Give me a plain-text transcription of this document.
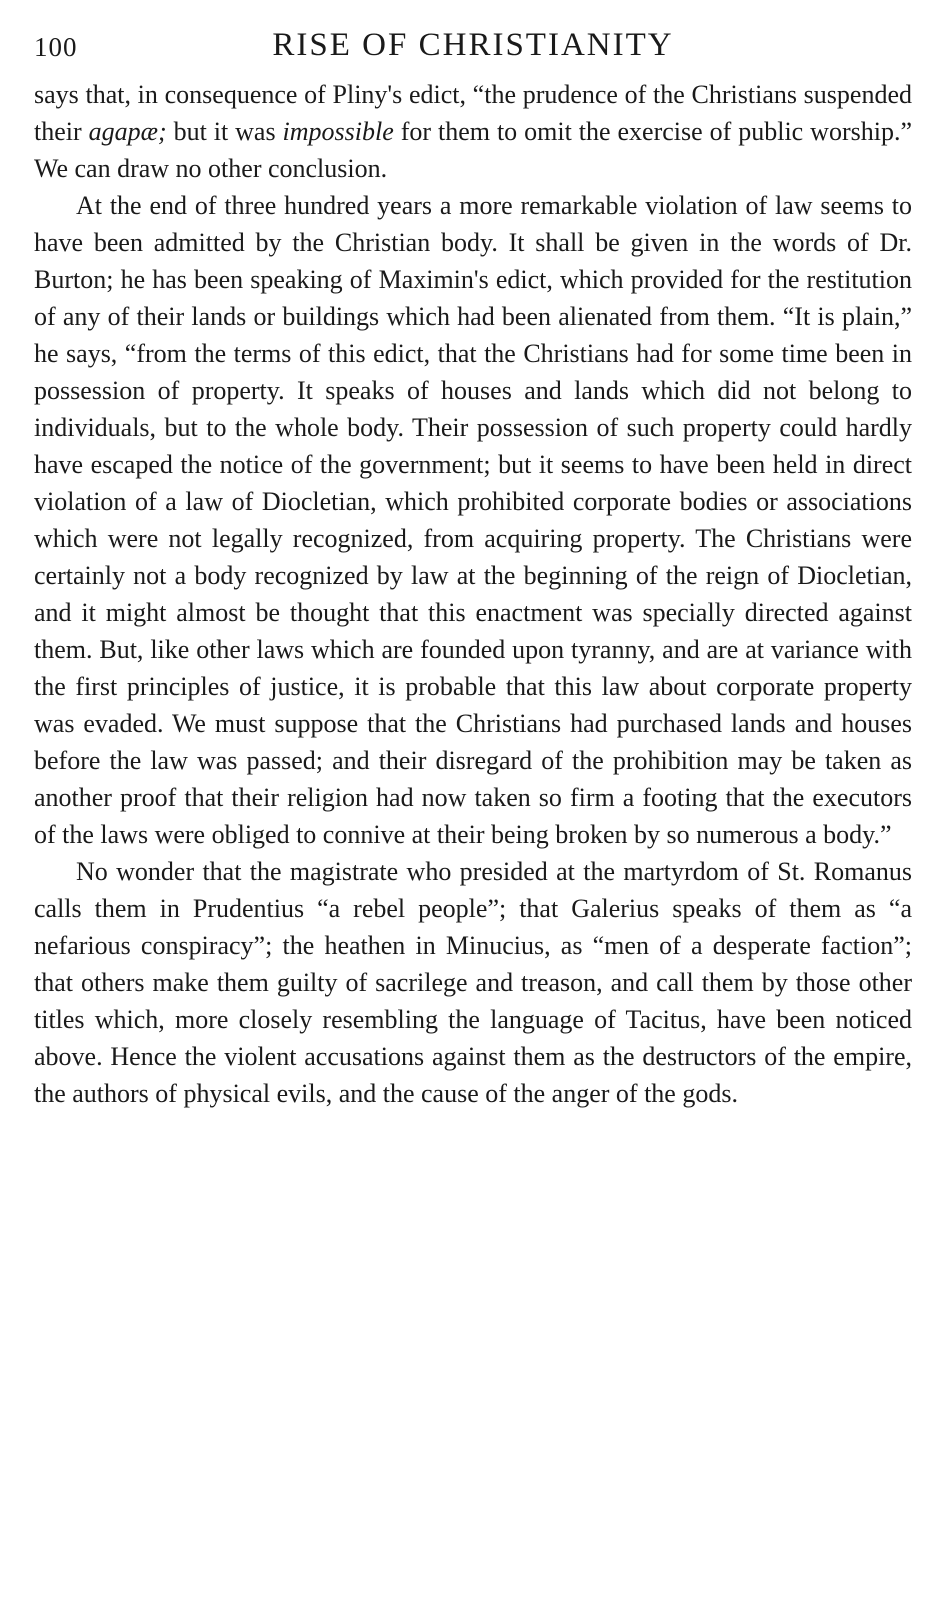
100	RISE OF CHRISTIANITY

says that, in consequence of Pliny's edict, “the prudence of the Christians suspended their agapæ; but it was impossible for them to omit the exercise of public worship.” We can draw no other conclusion.

At the end of three hundred years a more remarkable violation of law seems to have been admitted by the Christian body. It shall be given in the words of Dr. Burton; he has been speaking of Maximin's edict, which provided for the restitution of any of their lands or buildings which had been alienated from them. “It is plain,” he says, “from the terms of this edict, that the Christians had for some time been in possession of property. It speaks of houses and lands which did not belong to individuals, but to the whole body. Their possession of such property could hardly have escaped the notice of the government; but it seems to have been held in direct violation of a law of Diocletian, which prohibited corporate bodies or associations which were not legally recognized, from acquiring property. The Christians were certainly not a body recognized by law at the beginning of the reign of Diocletian, and it might almost be thought that this enactment was specially directed against them. But, like other laws which are founded upon tyranny, and are at variance with the first principles of justice, it is probable that this law about corporate property was evaded. We must suppose that the Christians had purchased lands and houses before the law was passed; and their disregard of the prohibition may be taken as another proof that their religion had now taken so firm a footing that the executors of the laws were obliged to connive at their being broken by so numerous a body.”

No wonder that the magistrate who presided at the martyrdom of St. Romanus calls them in Prudentius “a rebel people”; that Galerius speaks of them as “a nefarious conspiracy”; the heathen in Minucius, as “men of a desperate faction”; that others make them guilty of sacrilege and treason, and call them by those other titles which, more closely resembling the language of Tacitus, have been noticed above. Hence the violent accusations against them as the destructors of the empire, the authors of physical evils, and the cause of the anger of the gods.
